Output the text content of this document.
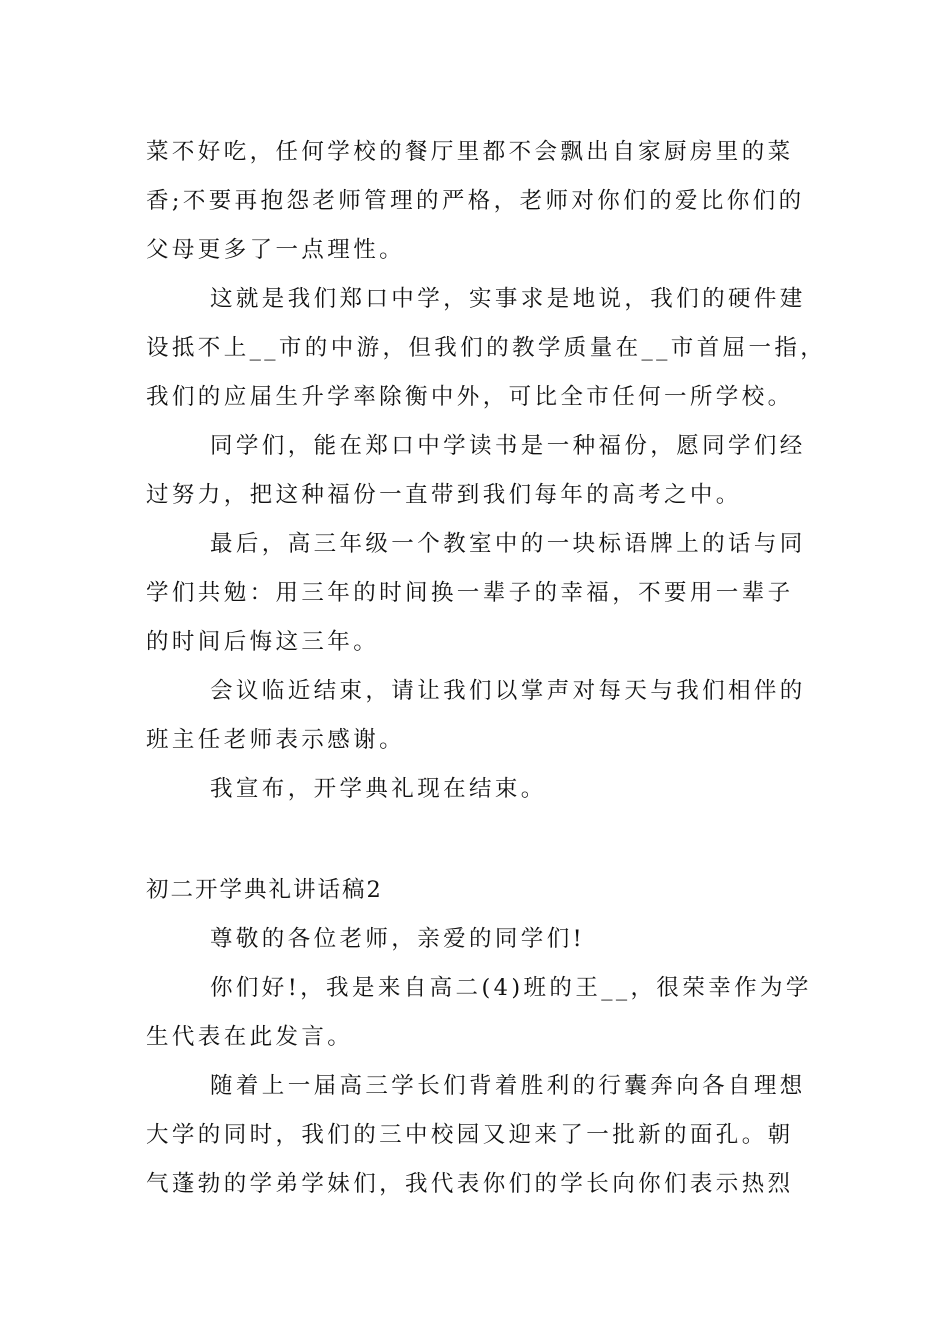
菜不好吃，任何学校的餐厅里都不会飘出自家厨房里的菜
香;不要再抱怨老师管理的严格，老师对你们的爱比你们的
父母更多了一点理性。
这就是我们郑口中学，实事求是地说，我们的硬件建
设抵不上__市的中游，但我们的教学质量在__市首屈一指，
我们的应届生升学率除衡中外，可比全市任何一所学校。
同学们，能在郑口中学读书是一种福份，愿同学们经
过努力，把这种福份一直带到我们每年的高考之中。
最后，高三年级一个教室中的一块标语牌上的话与同
学们共勉：用三年的时间换一辈子的幸福，不要用一辈子
的时间后悔这三年。
会议临近结束，请让我们以掌声对每天与我们相伴的
班主任老师表示感谢。
我宣布，开学典礼现在结束。
初二开学典礼讲话稿2
尊敬的各位老师，亲爱的同学们!
你们好!，我是来自高二(4)班的王__，很荣幸作为学
生代表在此发言。
随着上一届高三学长们背着胜利的行囊奔向各自理想
大学的同时，我们的三中校园又迎来了一批新的面孔。朝
气蓬勃的学弟学妹们，我代表你们的学长向你们表示热烈
